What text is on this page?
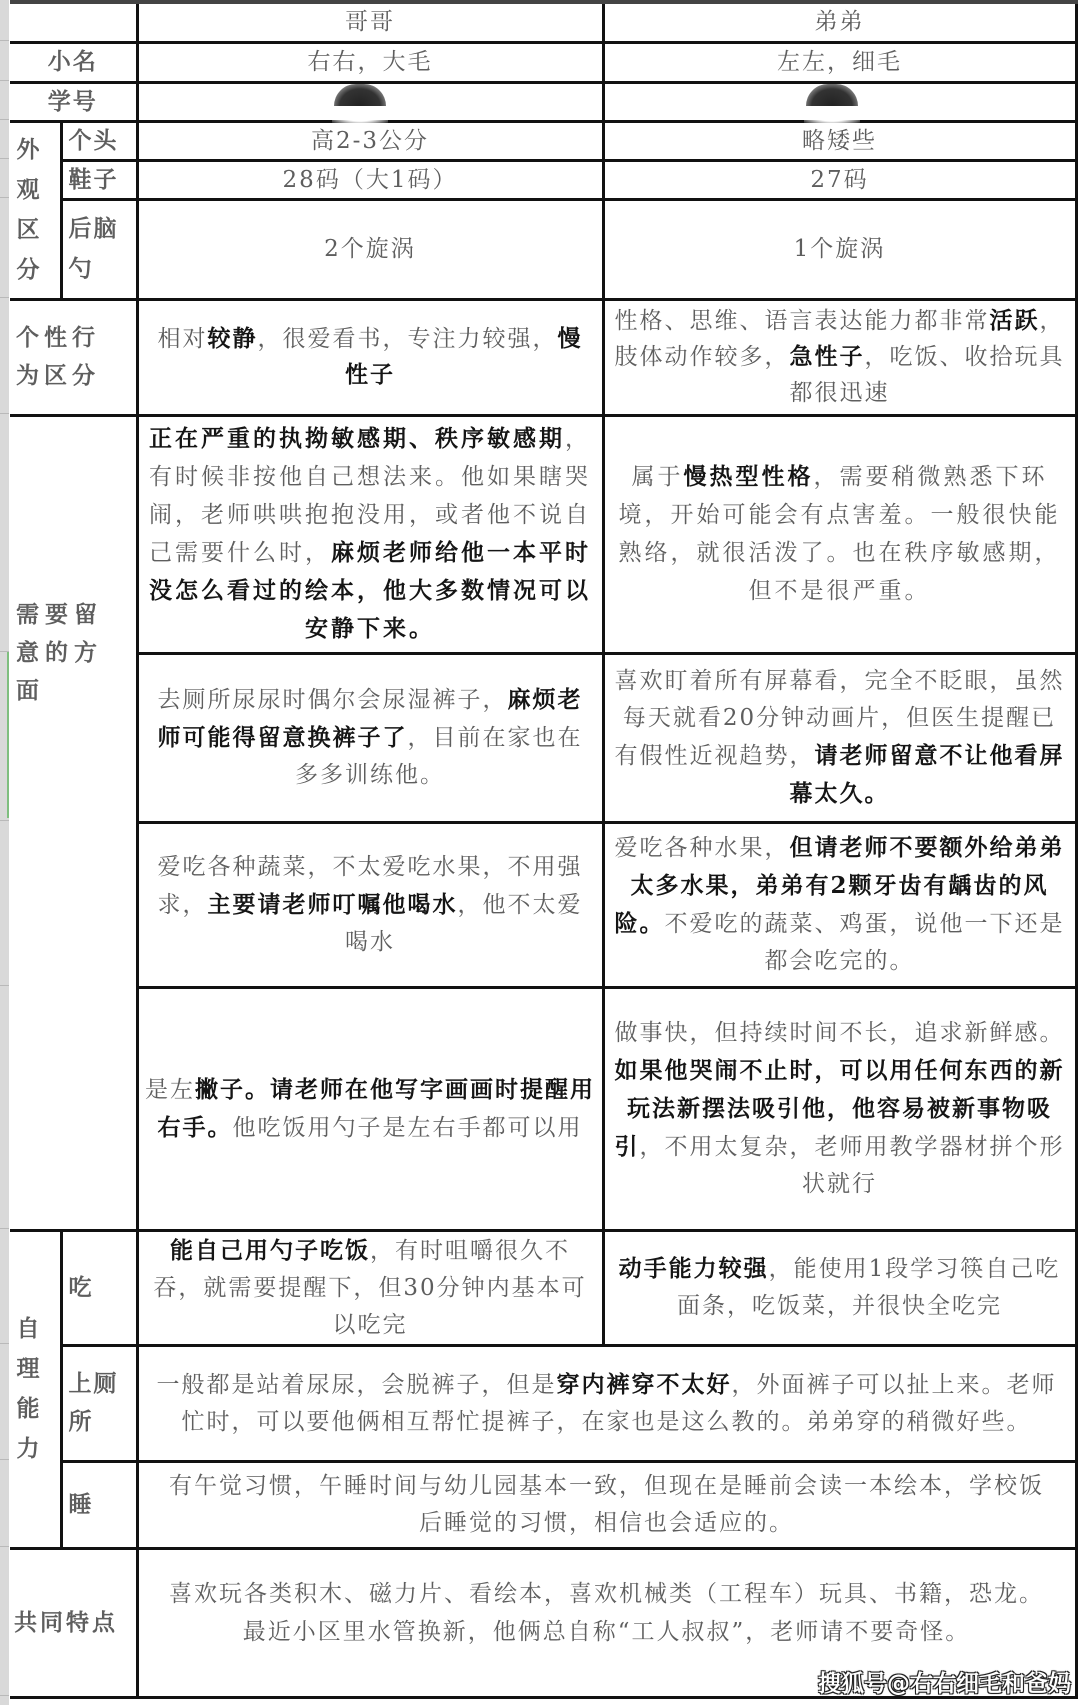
		哥哥	弟弟
小名		右右，大毛	左左，细毛
学号			

外观区分	个头	高2-3公分	略矮些
	鞋子	28码（大1码）	27码

	后脑勺	2个旋涡	1个旋涡

个性行为区分		相对较静，很爱看书，专注力较强，慢性子	性格、思维、语言表达能力都非常活跃，肢体动作较多，急性子，吃饭、收拾玩具都很迅速

需要留意的方面		正在严重的执拗敏感期、秩序敏感期，有时候非按他自己想法来。他如果瞎哭闹，老师哄哄抱抱没用，或者他不说自己需要什么时，麻烦老师给他一本平时没怎么看过的绘本，他大多数情况可以安静下来。	属于慢热型性格，需要稍微熟悉下环境，开始可能会有点害羞。一般很快能熟络，就很活泼了。也在秩序敏感期，但不是很严重。
		去厕所尿尿时偶尔会尿湿裤子，麻烦老师可能得留意换裤子了，目前在家也在多多训练他。	喜欢盯着所有屏幕看，完全不眨眼，虽然每天就看20分钟动画片，但医生提醒已有假性近视趋势，请老师留意不让他看屏幕太久。
		爱吃各种蔬菜，不太爱吃水果，不用强求，主要请老师叮嘱他喝水，他不太爱喝水	爱吃各种水果，但请老师不要额外给弟弟太多水果，弟弟有2颗牙齿有龋齿的风险。不爱吃的蔬菜、鸡蛋，说他一下还是都会吃完的。
		是左撇子。请老师在他写字画画时提醒用右手。他吃饭用勺子是左右手都可以用	做事快，但持续时间不长，追求新鲜感。如果他哭闹不止时，可以用任何东西的新玩法新摆法吸引他，他容易被新事物吸引，不用太复杂，老师用教学器材拼个形状就行

自理能力	吃	能自己用勺子吃饭，有时咀嚼很久不吞，就需要提醒下，但30分钟内基本可以吃完	动手能力较强，能使用1段学习筷自己吃面条，吃饭菜，并很快全吃完

	上厕所	一般都是站着尿尿，会脱裤子，但是穿内裤穿不太好，外面裤子可以扯上来。老师忙时，可以要他俩相互帮忙提裤子，在家也是这么教的。弟弟穿的稍微好些。	
	睡	有午觉习惯，午睡时间与幼儿园基本一致，但现在是睡前会读一本绘本，学校饭后睡觉的习惯，相信也会适应的。	
共同特点		喜欢玩各类积木、磁力片、看绘本，喜欢机械类（工程车）玩具、书籍，恐龙。最近小区里水管换新，他俩总自称“工人叔叔”，老师请不要奇怪。	
搜狐号@右右细毛和爸妈
